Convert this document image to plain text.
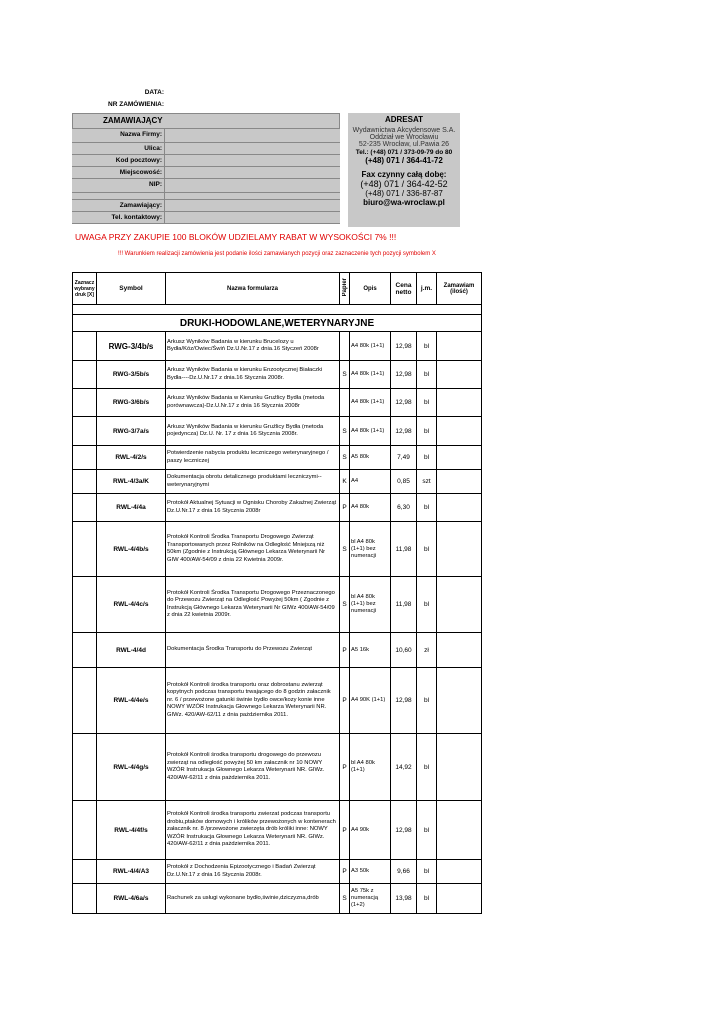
DATA:
NR ZAMÓWIENIA:
ZAMAWIAJĄCY
Nazwa Firmy:
Ulica:
Kod pocztowy:
Miejscowość:
NIP:
Zamawiający:
Tel. kontaktowy:
ADRESAT
Wydawnictwa Akcydensowe S.A.
Oddział we Wrocławiu
52-235 Wrocław, ul.Pawia 26
Tel.: (+48) 071 / 373-09-79 do 80
(+48) 071 / 364-41-72
Fax czynny całą dobę:
(+48) 071 / 364-42-52
(+48) 071 / 336-87-87
biuro@wa-wroclaw.pl
UWAGA PRZY ZAKUPIE 100 BLOKÓW UDZIELAMY RABAT W WYSOKOŚCI 7% !!!
!!! Warunkiem realizacji zamówienia jest podanie ilości zamawianych pozycji oraz zaznaczenie tych pozycji symbolem X
Zaznacz wybrany druk [X]	Symbol	Nazwa formularza	Papier	Opis	Cena netto	j.m.	Zamawiam (ilość)

DRUKI-HODOWLANE,WETERYNARYJNE							
	RWG-3/4b/s	Arkusz Wyników Badania w kierunku Brucelozy u Bydła/Kóz/Owiec/Świń Dz.U.Nr.17 z dnia.16 Styczeń 2008r		A4 80k (1+1)	12,98	bl	
	RWG-3/5b/s	Arkusz Wyników Badania w kierunku Enzootycznej Białaczki Bydła----Dz.U.Nr.17 z dnia.16 Stycznia 2008r.	S	A4 80k (1+1)	12,98	bl	
	RWG-3/6b/s	Arkusz Wyników Badania w Kierunku Gruźlicy Bydła (metoda porównawcza)-Dz.U.Nr.17 z dnia 16 Stycznia 2008r		A4 80k (1+1)	12,98	bl	
	RWG-3/7a/s	Arkusz Wyników Badania w kierunku Gruźlicy Bydła (metoda pojedyncza) Dz.U. Nr. 17 z dnia 16 Stycznia 2008r.	S	A4 80k (1+1)	12,98	bl	
	RWL-4/2/s	Potwierdzenie nabycia produktu leczniczego weterynaryjnego / paszy leczniczej	S	A5 80k	7,49	bl	
	RWL-4/3a/K	Dokumentacja obrotu detalicznego produktami leczniczymi--weterynaryjnymi	K	A4	0,85	szt	
	RWL-4/4a	Protokół Aktualnej Sytuacji w Ognisku Choroby Zakaźnej Zwierząt Dz.U.Nr.17 z dnia 16 Stycznia 2008r	P	A4 80k	6,30	bl	
	RWL-4/4b/s	Protokół Kontroli Środka Transportu Drogowego Zwierząt Transportowanych przez Rolników na Odległość Mniejszą niż 50km (Zgodnie z Instrukcją Głównego Lekarza Weterynarii Nr GIW 400/AW-54/09 z dnia 22 Kwietnia 2009r.	S	bl A4 80k (1+1) bez numeracji	11,98	bl	
	RWL-4/4c/s	Protokół Kontroli Środka Transportu Drogowego Przeznaczonego do Przewozu Zwierząt na Odległość Powyżej 50km ( Zgodnie z Instrukcją Głównego Lekarza Weterynarii Nr GIWz 400/AW-54/09 z dnia 22 kwietnia 2009r.	S	bl A4 80k (1+1) bez numeracji	11,98	bl	
	RWL-4/4d	Dokumentacja Środka Transportu do Przewozu Zwierząt	P	A5 16k	10,60	zł	
	RWL-4/4e/s	Protokół Kontroli środka transportu oraz dobrostanu zwierząt kopytnych podczas transportu trwającego do 8 godzin załacznik nr. 6 / przewożone gatunki świnie bydło owce/kozy konie inne NOWY WZÓR Instrukacja Głownego Lekarza Weterynarii NR. GIWz. 420/AW-62/11 z dnia pażdziernika 2011.	P	A4 90K (1+1)	12,98	bl	
	RWL-4/4g/s	Protokół Kontroli środka transportu drogowego do przewozu zwierząt na odległość powyżej 50 km załacznik nr 10 NOWY WZÓR Instrukacja Głownego Lekarza Weterynarii NR. GIWz. 420/AW-62/11 z dnia pażdziernika 2011.	P	bl A4 80k (1+1)	14,92	bl	
	RWL-4/4f/s	Protokół Kontroli środka transportu zwierzat podczas transportu drobiu,ptaków domowych i królików przewożonych w kontenerach załacznik nr. 8 /przewożone zwierzęta drób króliki inne: NOWY WZÓR Instrukacja Głownego Lekarza Weterynarii NR. GIWz. 420/AW-62/11 z dnia pażdziernika 2011.	P	A4 90k	12,98	bl	
	RWL-4/4/A3	Protokół z Dochodzenia Epizootycznego i Badań Zwierząt Dz.U.Nr.17 z dnia 16 Stycznia 2008r.	P	A3 50k	9,66	bl	
	RWL-4/6a/s	Rachunek za usługi wykonane bydło,świnie,dziczyzna,drób	S	A5 75k z numeracją (1+2)	13,98	bl	
